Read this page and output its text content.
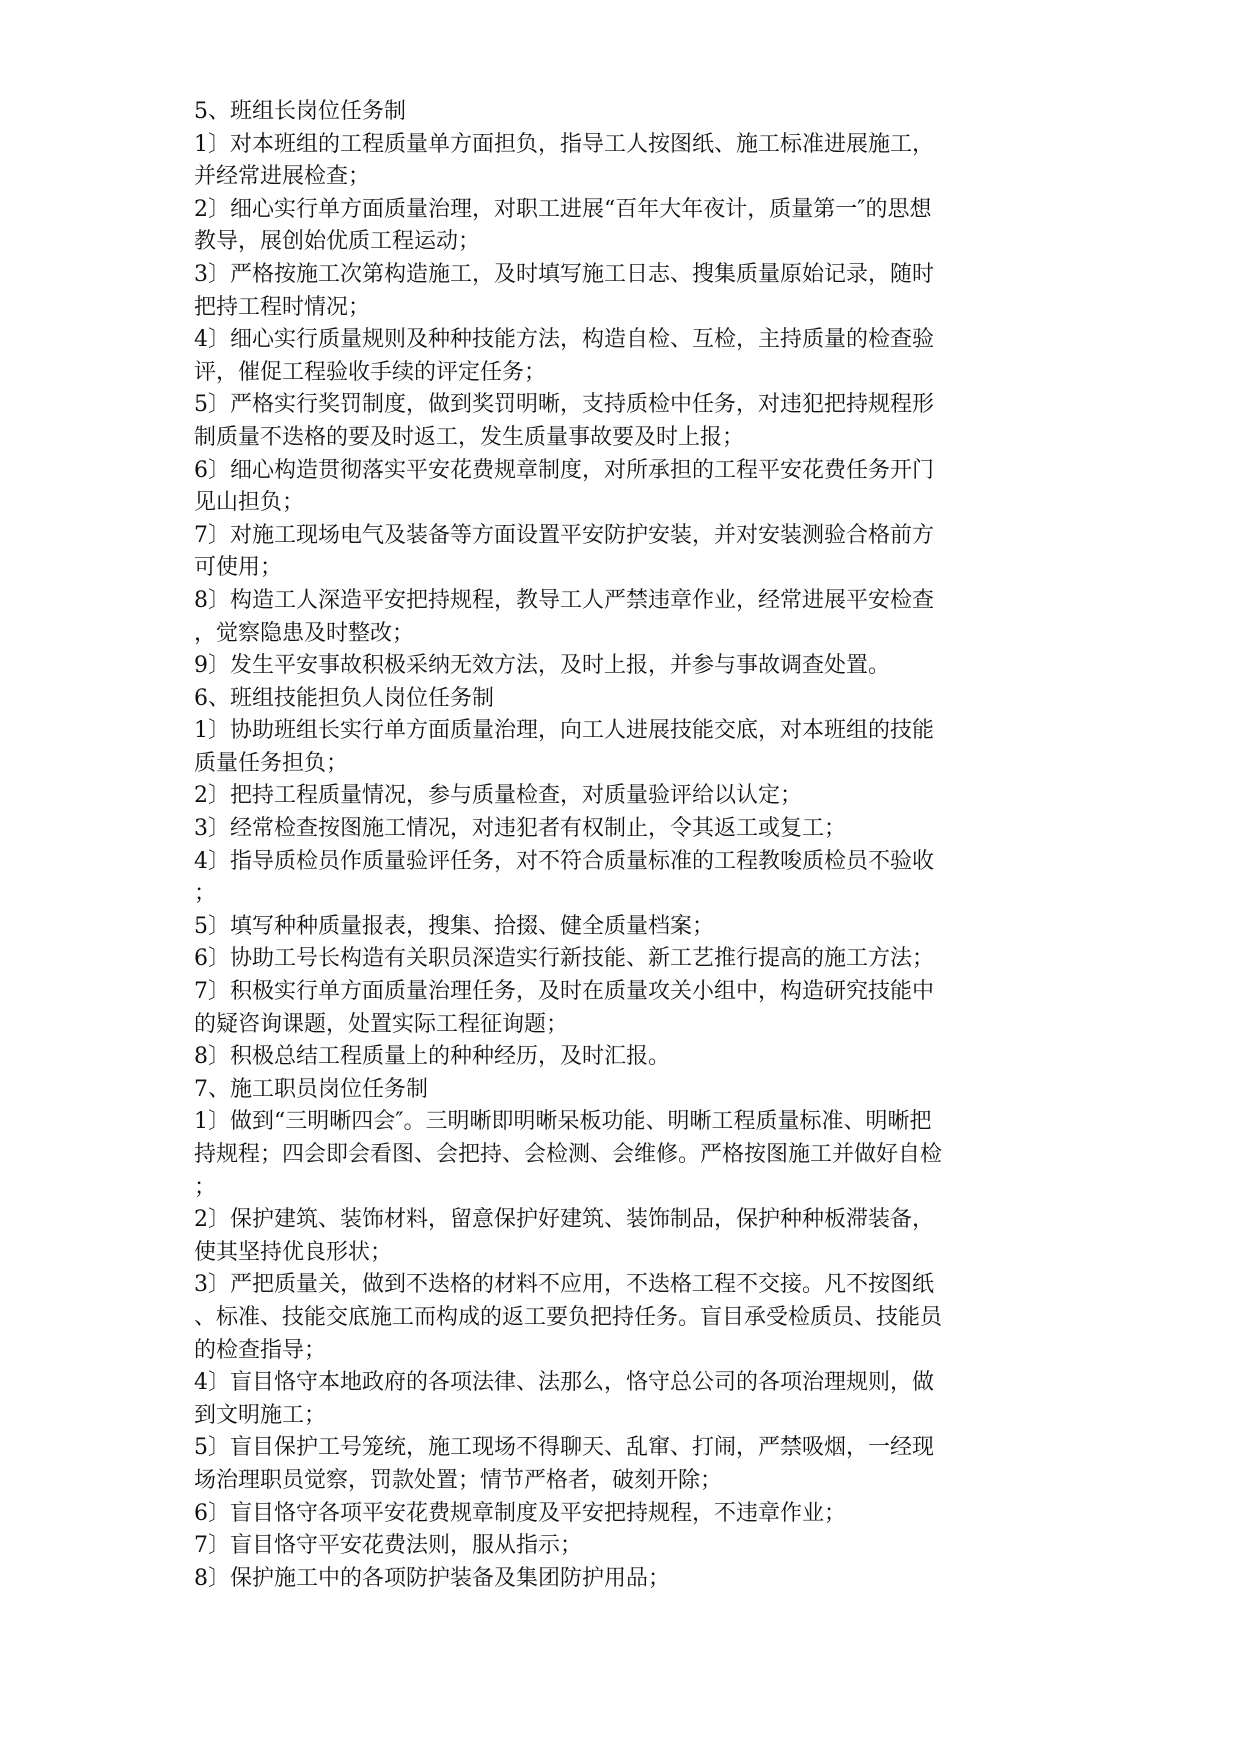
5、班组长岗位任务制
1〕对本班组的工程质量单方面担负，指导工人按图纸、施工标准进展施工，
并经常进展检查；
2〕细心实行单方面质量治理，对职工进展“百年大年夜计，质量第一″的思想
教导，展创始优质工程运动；
3〕严格按施工次第构造施工，及时填写施工日志、搜集质量原始记录，随时
把持工程时情况；
4〕细心实行质量规则及种种技能方法，构造自检、互检，主持质量的检查验
评，催促工程验收手续的评定任务；
5〕严格实行奖罚制度，做到奖罚明晰，支持质检中任务，对违犯把持规程形
制质量不迭格的要及时返工，发生质量事故要及时上报；
6〕细心构造贯彻落实平安花费规章制度，对所承担的工程平安花费任务开门
见山担负；
7〕对施工现场电气及装备等方面设置平安防护安装，并对安装测验合格前方
可使用；
8〕构造工人深造平安把持规程，教导工人严禁违章作业，经常进展平安检查
，觉察隐患及时整改；
9〕发生平安事故积极采纳无效方法，及时上报，并参与事故调查处置。
6、班组技能担负人岗位任务制
1〕协助班组长实行单方面质量治理，向工人进展技能交底，对本班组的技能
质量任务担负；
2〕把持工程质量情况，参与质量检查，对质量验评给以认定；
3〕经常检查按图施工情况，对违犯者有权制止，令其返工或复工；
4〕指导质检员作质量验评任务，对不符合质量标准的工程教唆质检员不验收
；
5〕填写种种质量报表，搜集、拾掇、健全质量档案；
6〕协助工号长构造有关职员深造实行新技能、新工艺推行提高的施工方法；
7〕积极实行单方面质量治理任务，及时在质量攻关小组中，构造研究技能中
的疑咨询课题，处置实际工程征询题；
8〕积极总结工程质量上的种种经历，及时汇报。
7、施工职员岗位任务制
1〕做到“三明晰四会″。三明晰即明晰呆板功能、明晰工程质量标准、明晰把
持规程；四会即会看图、会把持、会检测、会维修。严格按图施工并做好自检
；
2〕保护建筑、装饰材料，留意保护好建筑、装饰制品，保护种种板滞装备，
使其坚持优良形状；
3〕严把质量关，做到不迭格的材料不应用，不迭格工程不交接。凡不按图纸
、标准、技能交底施工而构成的返工要负把持任务。盲目承受检质员、技能员
的检查指导；
4〕盲目恪守本地政府的各项法律、法那么，恪守总公司的各项治理规则，做
到文明施工；
5〕盲目保护工号笼统，施工现场不得聊天、乱窜、打闹，严禁吸烟，一经现
场治理职员觉察，罚款处置；情节严格者，破刻开除；
6〕盲目恪守各项平安花费规章制度及平安把持规程，不违章作业；
7〕盲目恪守平安花费法则，服从指示；
8〕保护施工中的各项防护装备及集团防护用品；
